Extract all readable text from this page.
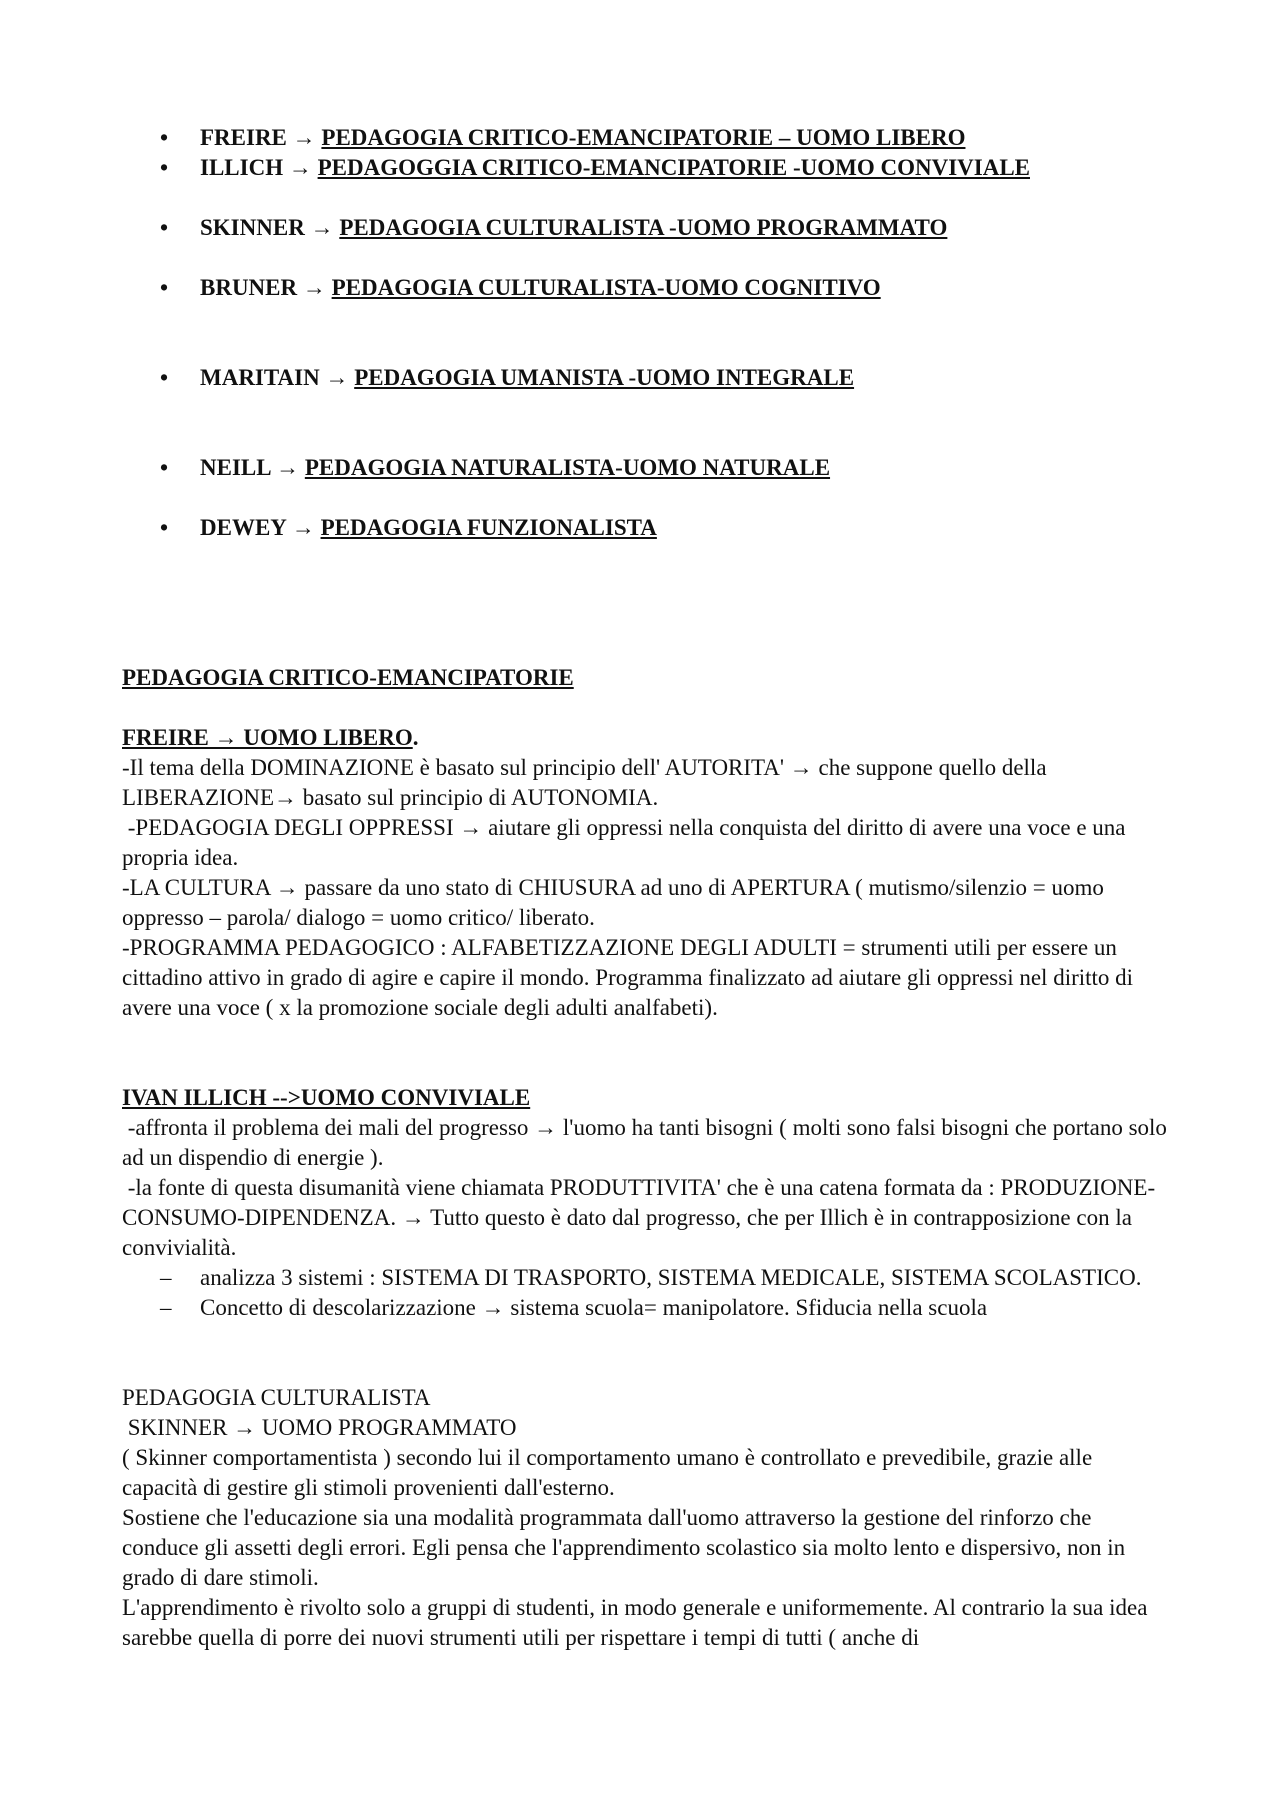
• FREIRE → PEDAGOGIA CRITICO-EMANCIPATORIE – UOMO LIBERO
• ILLICH → PEDAGOGGIA CRITICO-EMANCIPATORIE -UOMO CONVIVIALE
• SKINNER → PEDAGOGIA CULTURALISTA -UOMO PROGRAMMATO
• BRUNER → PEDAGOGIA CULTURALISTA-UOMO COGNITIVO
• MARITAIN → PEDAGOGIA UMANISTA -UOMO INTEGRALE
• NEILL → PEDAGOGIA NATURALISTA-UOMO NATURALE
• DEWEY → PEDAGOGIA FUNZIONALISTA

PEDAGOGIA CRITICO-EMANCIPATORIE

FREIRE → UOMO LIBERO.

-Il tema della DOMINAZIONE è basato sul principio dell' AUTORITA' → che suppone quello della LIBERAZIONE→ basato sul principio di AUTONOMIA.

-PEDAGOGIA DEGLI OPPRESSI → aiutare gli oppressi nella conquista del diritto di avere una voce e una propria idea.

-LA CULTURA → passare da uno stato di CHIUSURA ad uno di APERTURA ( mutismo/silenzio = uomo oppresso – parola/ dialogo = uomo critico/ liberato.

-PROGRAMMA PEDAGOGICO : ALFABETIZZAZIONE DEGLI ADULTI = strumenti utili per essere un cittadino attivo in grado di agire e capire il mondo. Programma finalizzato ad aiutare gli oppressi nel diritto di avere una voce ( x la promozione sociale degli adulti analfabeti).

IVAN ILLICH -->UOMO CONVIVIALE

-affronta il problema dei mali del progresso → l'uomo ha tanti bisogni ( molti sono falsi bisogni che portano solo ad un dispendio di energie ).

-la fonte di questa disumanità viene chiamata PRODUTTIVITA' che è una catena formata da : PRODUZIONE-CONSUMO-DIPENDENZA. → Tutto questo è dato dal progresso, che per Illich è in contrapposizione con la convivialità.

– analizza 3 sistemi : SISTEMA DI TRASPORTO, SISTEMA MEDICALE, SISTEMA SCOLASTICO.
– Concetto di descolarizzazione → sistema scuola= manipolatore. Sfiducia nella scuola

PEDAGOGIA CULTURALISTA

SKINNER → UOMO PROGRAMMATO

( Skinner comportamentista ) secondo lui il comportamento umano è controllato e prevedibile, grazie alle capacità di gestire gli stimoli provenienti dall'esterno.

Sostiene che l'educazione sia una modalità programmata dall'uomo attraverso la gestione del rinforzo che conduce gli assetti degli errori. Egli pensa che l'apprendimento scolastico sia molto lento e dispersivo, non in grado di dare stimoli.

L'apprendimento è rivolto solo a gruppi di studenti, in modo generale e uniformemente. Al contrario la sua idea sarebbe quella di porre dei nuovi strumenti utili per rispettare i tempi di tutti ( anche di
